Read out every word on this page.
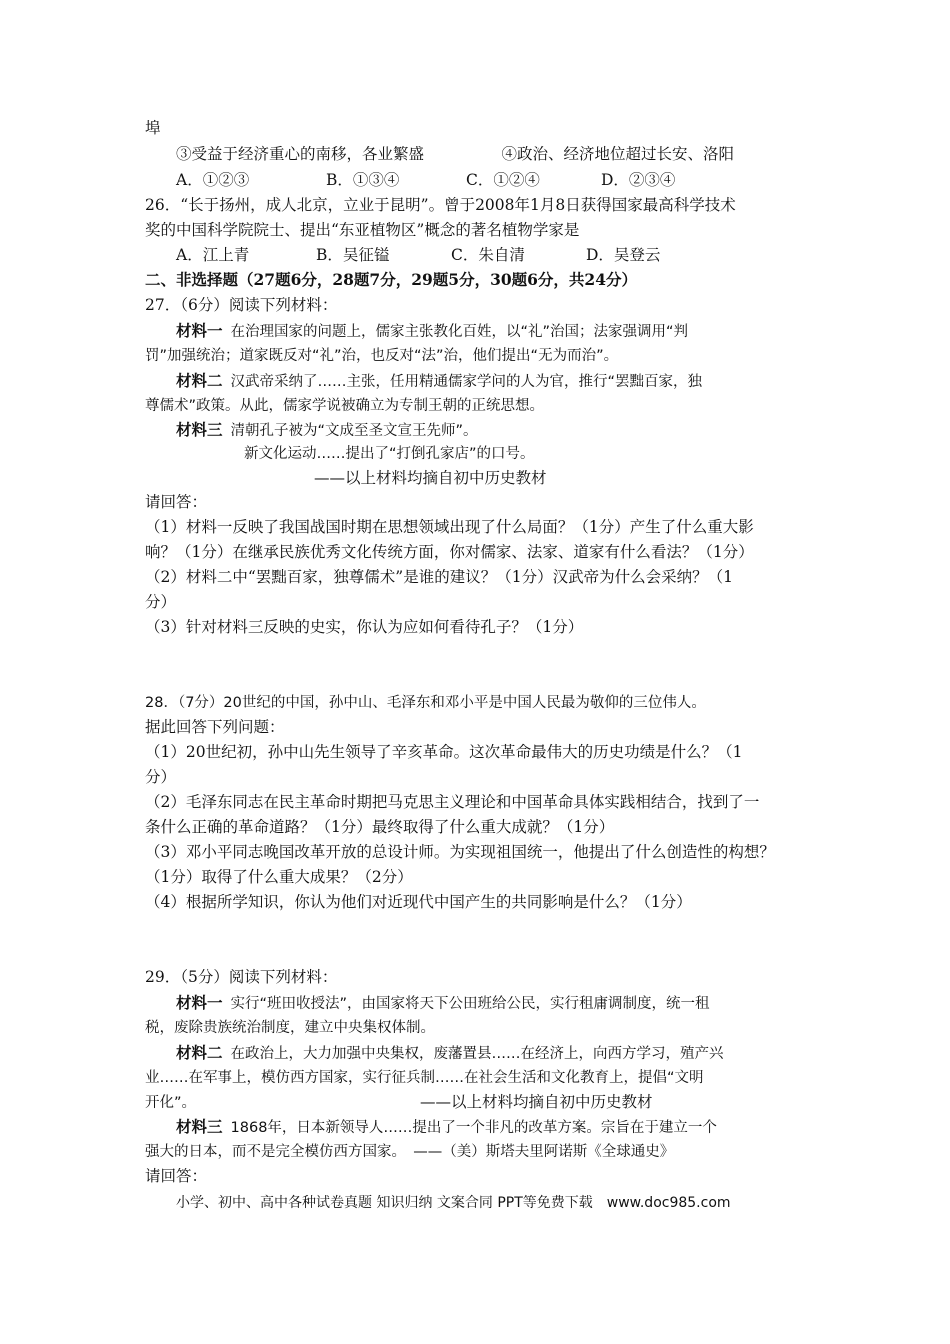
埠
③受益于经济重心的南移，各业繁盛　　　　　④政治、经济地位超过长安、洛阳
A．①②③	B．①③④	C．①②④	D．②③④
26．“长于扬州，成人北京，立业于昆明”。曾于2008年1月8日获得国家最高科学技术
奖的中国科学院院士、提出“东亚植物区”概念的著名植物学家是
A．江上青	B．吴征镒	C．朱自清	D．吴登云
二、非选择题（27题6分，28题7分，29题5分，30题6分，共24分）
27．（6分）阅读下列材料：
材料一 在治理国家的问题上，儒家主张教化百姓，以“礼”治国；法家强调用“判
罚”加强统治；道家既反对“礼”治，也反对“法”治，他们提出“无为而治”。
材料二 汉武帝采纳了……主张，任用精通儒家学问的人为官，推行“罢黜百家，独
尊儒术”政策。从此，儒家学说被确立为专制王朝的正统思想。
材料三 清朝孔子被为“文成至圣文宣王先师”。
新文化运动……提出了“打倒孔家店”的口号。
——以上材料均摘自初中历史教材
请回答：
（1）材料一反映了我国战国时期在思想领域出现了什么局面？（1分）产生了什么重大影
响？（1分）在继承民族优秀文化传统方面，你对儒家、法家、道家有什么看法？（1分）
（2）材料二中“罢黜百家，独尊儒术”是谁的建议？（1分）汉武帝为什么会采纳？（1
分）
（3）针对材料三反映的史实，你认为应如何看待孔子？（1分）
28．（7分）20世纪的中国，孙中山、毛泽东和邓小平是中国人民最为敬仰的三位伟人。
据此回答下列问题：
（1）20世纪初，孙中山先生领导了辛亥革命。这次革命最伟大的历史功绩是什么？（1
分）
（2）毛泽东同志在民主革命时期把马克思主义理论和中国革命具体实践相结合，找到了一
条什么正确的革命道路？（1分）最终取得了什么重大成就？（1分）
（3）邓小平同志晚国改革开放的总设计师。为实现祖国统一，他提出了什么创造性的构想？
（1分）取得了什么重大成果？（2分）
（4）根据所学知识，你认为他们对近现代中国产生的共同影响是什么？（1分）
29．（5分）阅读下列材料：
材料一 实行“班田收授法”，由国家将天下公田班给公民，实行租庸调制度，统一租
税，废除贵族统治制度，建立中央集权体制。
材料二 在政治上，大力加强中央集权，废藩置县……在经济上，向西方学习，殖产兴
业……在军事上，模仿西方国家，实行征兵制……在社会生活和文化教育上，提倡“文明
开化”。	——以上材料均摘自初中历史教材
材料三 1868年，日本新领导人……提出了一个非凡的改革方案。宗旨在于建立一个
强大的日本，而不是完全模仿西方国家。　——（美）斯塔夫里阿诺斯《全球通史》
请回答：
小学、初中、高中各种试卷真题 知识归纳 文案合同 PPT等免费下载　www.doc985.com
